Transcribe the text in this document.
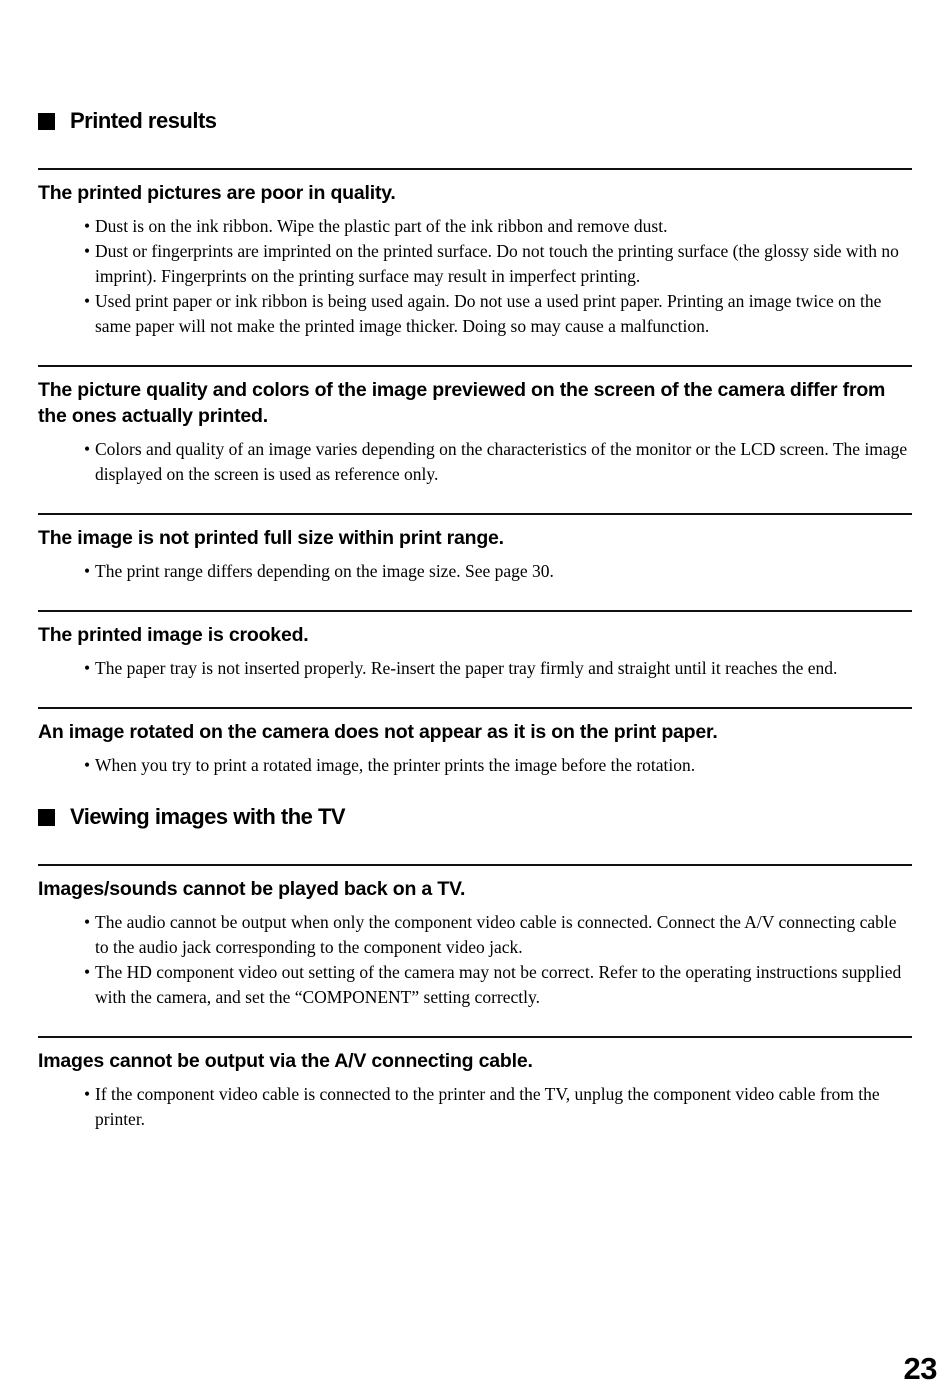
Printed results
The printed pictures are poor in quality.

• Dust is on the ink ribbon. Wipe the plastic part of the ink ribbon and remove dust.

• Dust or fingerprints are imprinted on the printed surface. Do not touch the printing surface (the glossy side with no imprint). Fingerprints on the printing surface may result in imperfect printing.

• Used print paper or ink ribbon is being used again. Do not use a used print paper. Printing an image twice on the same paper will not make the printed image thicker. Doing so may cause a malfunction.

The picture quality and colors of the image previewed on the screen of the camera differ from the ones actually printed.

• Colors and quality of an image varies depending on the characteristics of the monitor or the LCD screen. The image displayed on the screen is used as reference only.

The image is not printed full size within print range.

• The print range differs depending on the image size. See page 30.

The printed image is crooked.

• The paper tray is not inserted properly. Re-insert the paper tray firmly and straight until it reaches the end.

An image rotated on the camera does not appear as it is on the print paper.

• When you try to print a rotated image, the printer prints the image before the rotation.

Viewing images with the TV
Images/sounds cannot be played back on a TV.

• The audio cannot be output when only the component video cable is connected. Connect the A/V connecting cable to the audio jack corresponding to the component video jack.

• The HD component video out setting of the camera may not be correct. Refer to the operating instructions supplied with the camera, and set the “COMPONENT” setting correctly.

Images cannot be output via the A/V connecting cable.

• If the component video cable is connected to the printer and the TV, unplug the component video cable from the printer.

23
